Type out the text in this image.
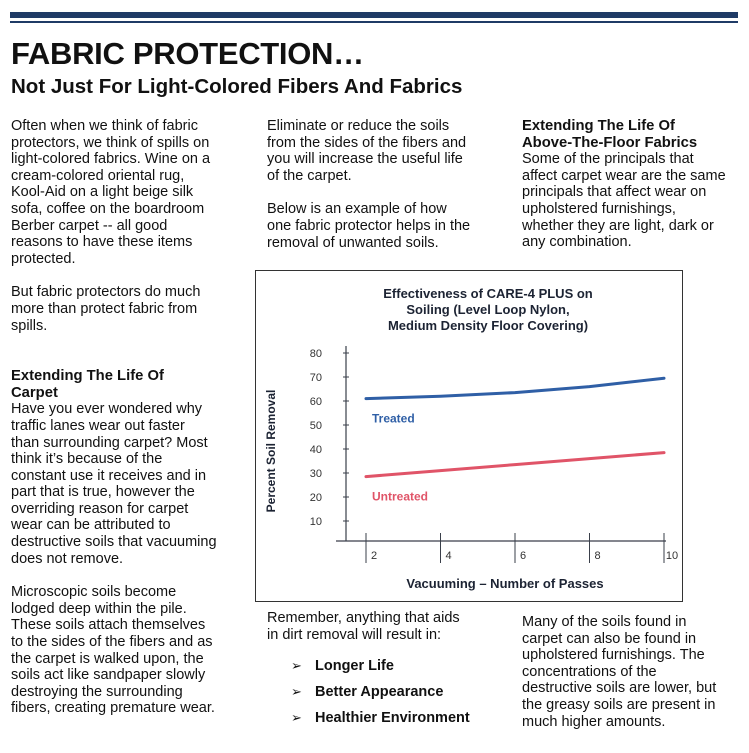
FABRIC PROTECTION…
Not Just For Light-Colored Fibers And Fabrics

Often when we think of fabric
protectors, we think of spills on
light-colored fabrics. Wine on a
cream-colored oriental rug,
Kool-Aid on a light beige silk
sofa, coffee on the boardroom
Berber carpet -- all good
reasons to have these items
protected.

But fabric protectors do much
more than protect fabric from
spills.

Extending The Life Of
Carpet

Have you ever wondered why
traffic lanes wear out faster
than surrounding carpet? Most
think it’s because of the
constant use it receives and in
part that is true, however the
overriding reason for carpet
wear can be attributed to
destructive soils that vacuuming
does not remove.

Microscopic soils become
lodged deep within the pile.
These soils attach themselves
to the sides of the fibers and as
the carpet is walked upon, the
soils act like sandpaper slowly
destroying the surrounding
fibers, creating premature wear.

Eliminate or reduce the soils
from the sides of the fibers and
you will increase the useful life
of the carpet.

Below is an example of how
one fabric protector helps in the
removal of unwanted soils.

Extending The Life Of
Above-The-Floor Fabrics

Some of the principals that
affect carpet wear are the same
principals that affect wear on
upholstered furnishings,
whether they are light, dark or
any combination.

Effectiveness of CARE-4 PLUS on
Soiling (Level Loop Nylon,
Medium Density Floor Covering)
Percent Soil Removal
Vacuuming – Number of Passes
10
20
30
40
50
60
70
80
2	4	6	8	10
Treated
Untreated

Remember, anything that aids
in dirt removal will result in:

➢ Longer Life
➢ Better Appearance
➢ Healthier Environment

Many of the soils found in
carpet can also be found in
upholstered furnishings. The
concentrations of the
destructive soils are lower, but
the greasy soils are present in
much higher amounts.
